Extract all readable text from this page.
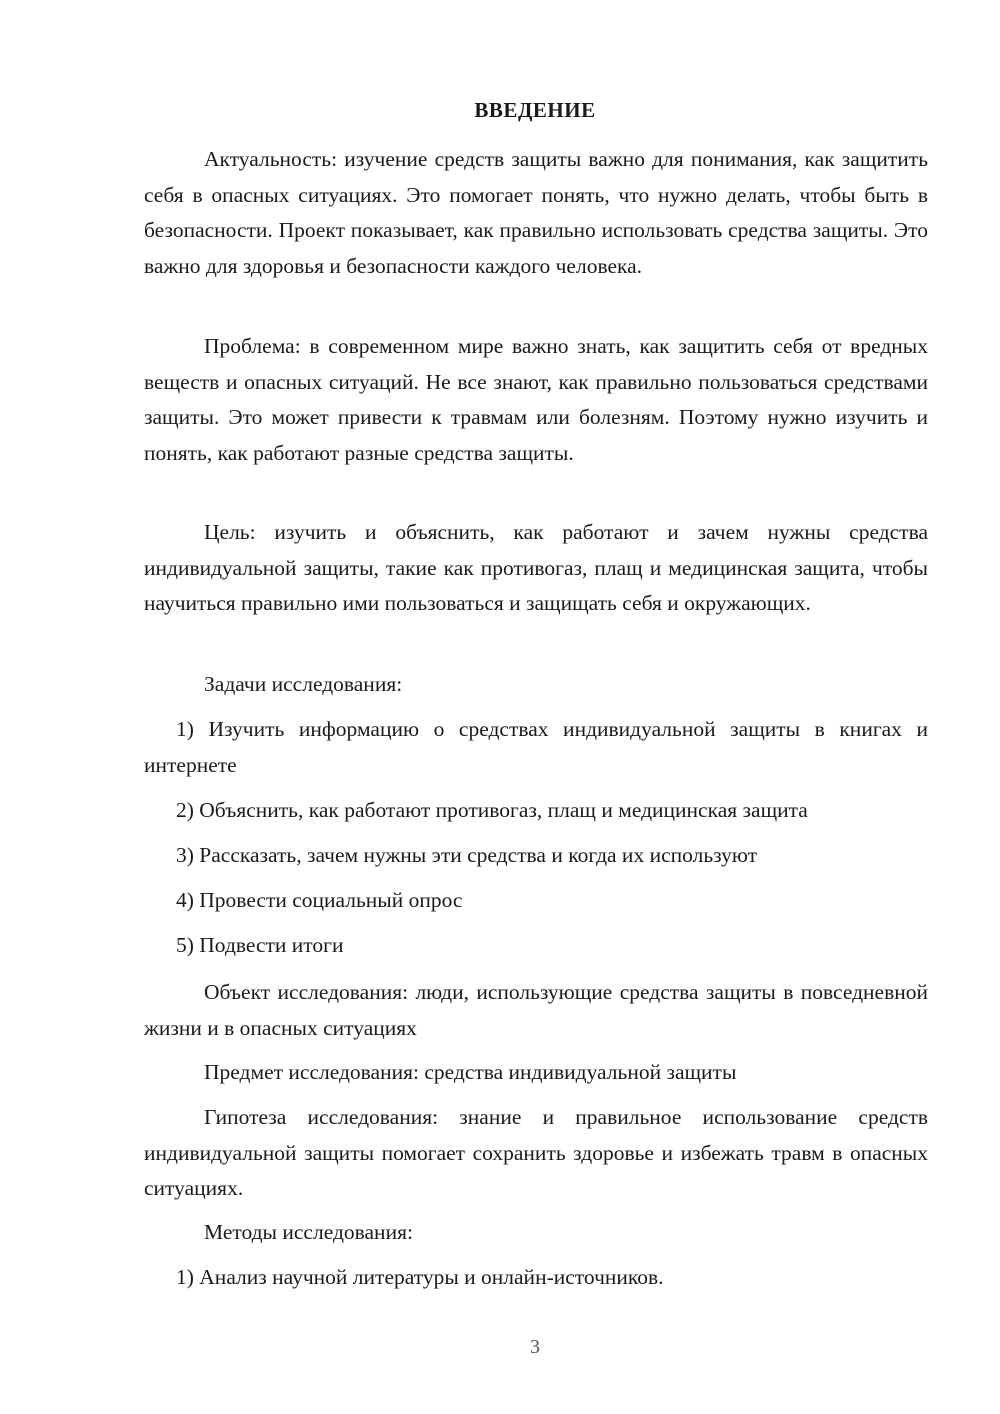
ВВЕДЕНИЕ
Актуальность: изучение средств защиты важно для понимания, как защитить себя в опасных ситуациях. Это помогает понять, что нужно делать, чтобы быть в безопасности. Проект показывает, как правильно использовать средства защиты. Это важно для здоровья и безопасности каждого человека.
Проблема: в современном мире важно знать, как защитить себя от вредных веществ и опасных ситуаций. Не все знают, как правильно пользоваться средствами защиты. Это может привести к травмам или болезням. Поэтому нужно изучить и понять, как работают разные средства защиты.
Цель: изучить и объяснить, как работают и зачем нужны средства индивидуальной защиты, такие как противогаз, плащ и медицинская защита, чтобы научиться правильно ими пользоваться и защищать себя и окружающих.
Задачи исследования:
1) Изучить информацию о средствах индивидуальной защиты в книгах и интернете
2) Объяснить, как работают противогаз, плащ и медицинская защита
3) Рассказать, зачем нужны эти средства и когда их используют
4) Провести социальный опрос
5) Подвести итоги
Объект исследования: люди, использующие средства защиты в повседневной жизни и в опасных ситуациях
Предмет исследования: средства индивидуальной защиты
Гипотеза исследования: знание и правильное использование средств индивидуальной защиты помогает сохранить здоровье и избежать травм в опасных ситуациях.
Методы исследования:
1) Анализ научной литературы и онлайн-источников.
3
